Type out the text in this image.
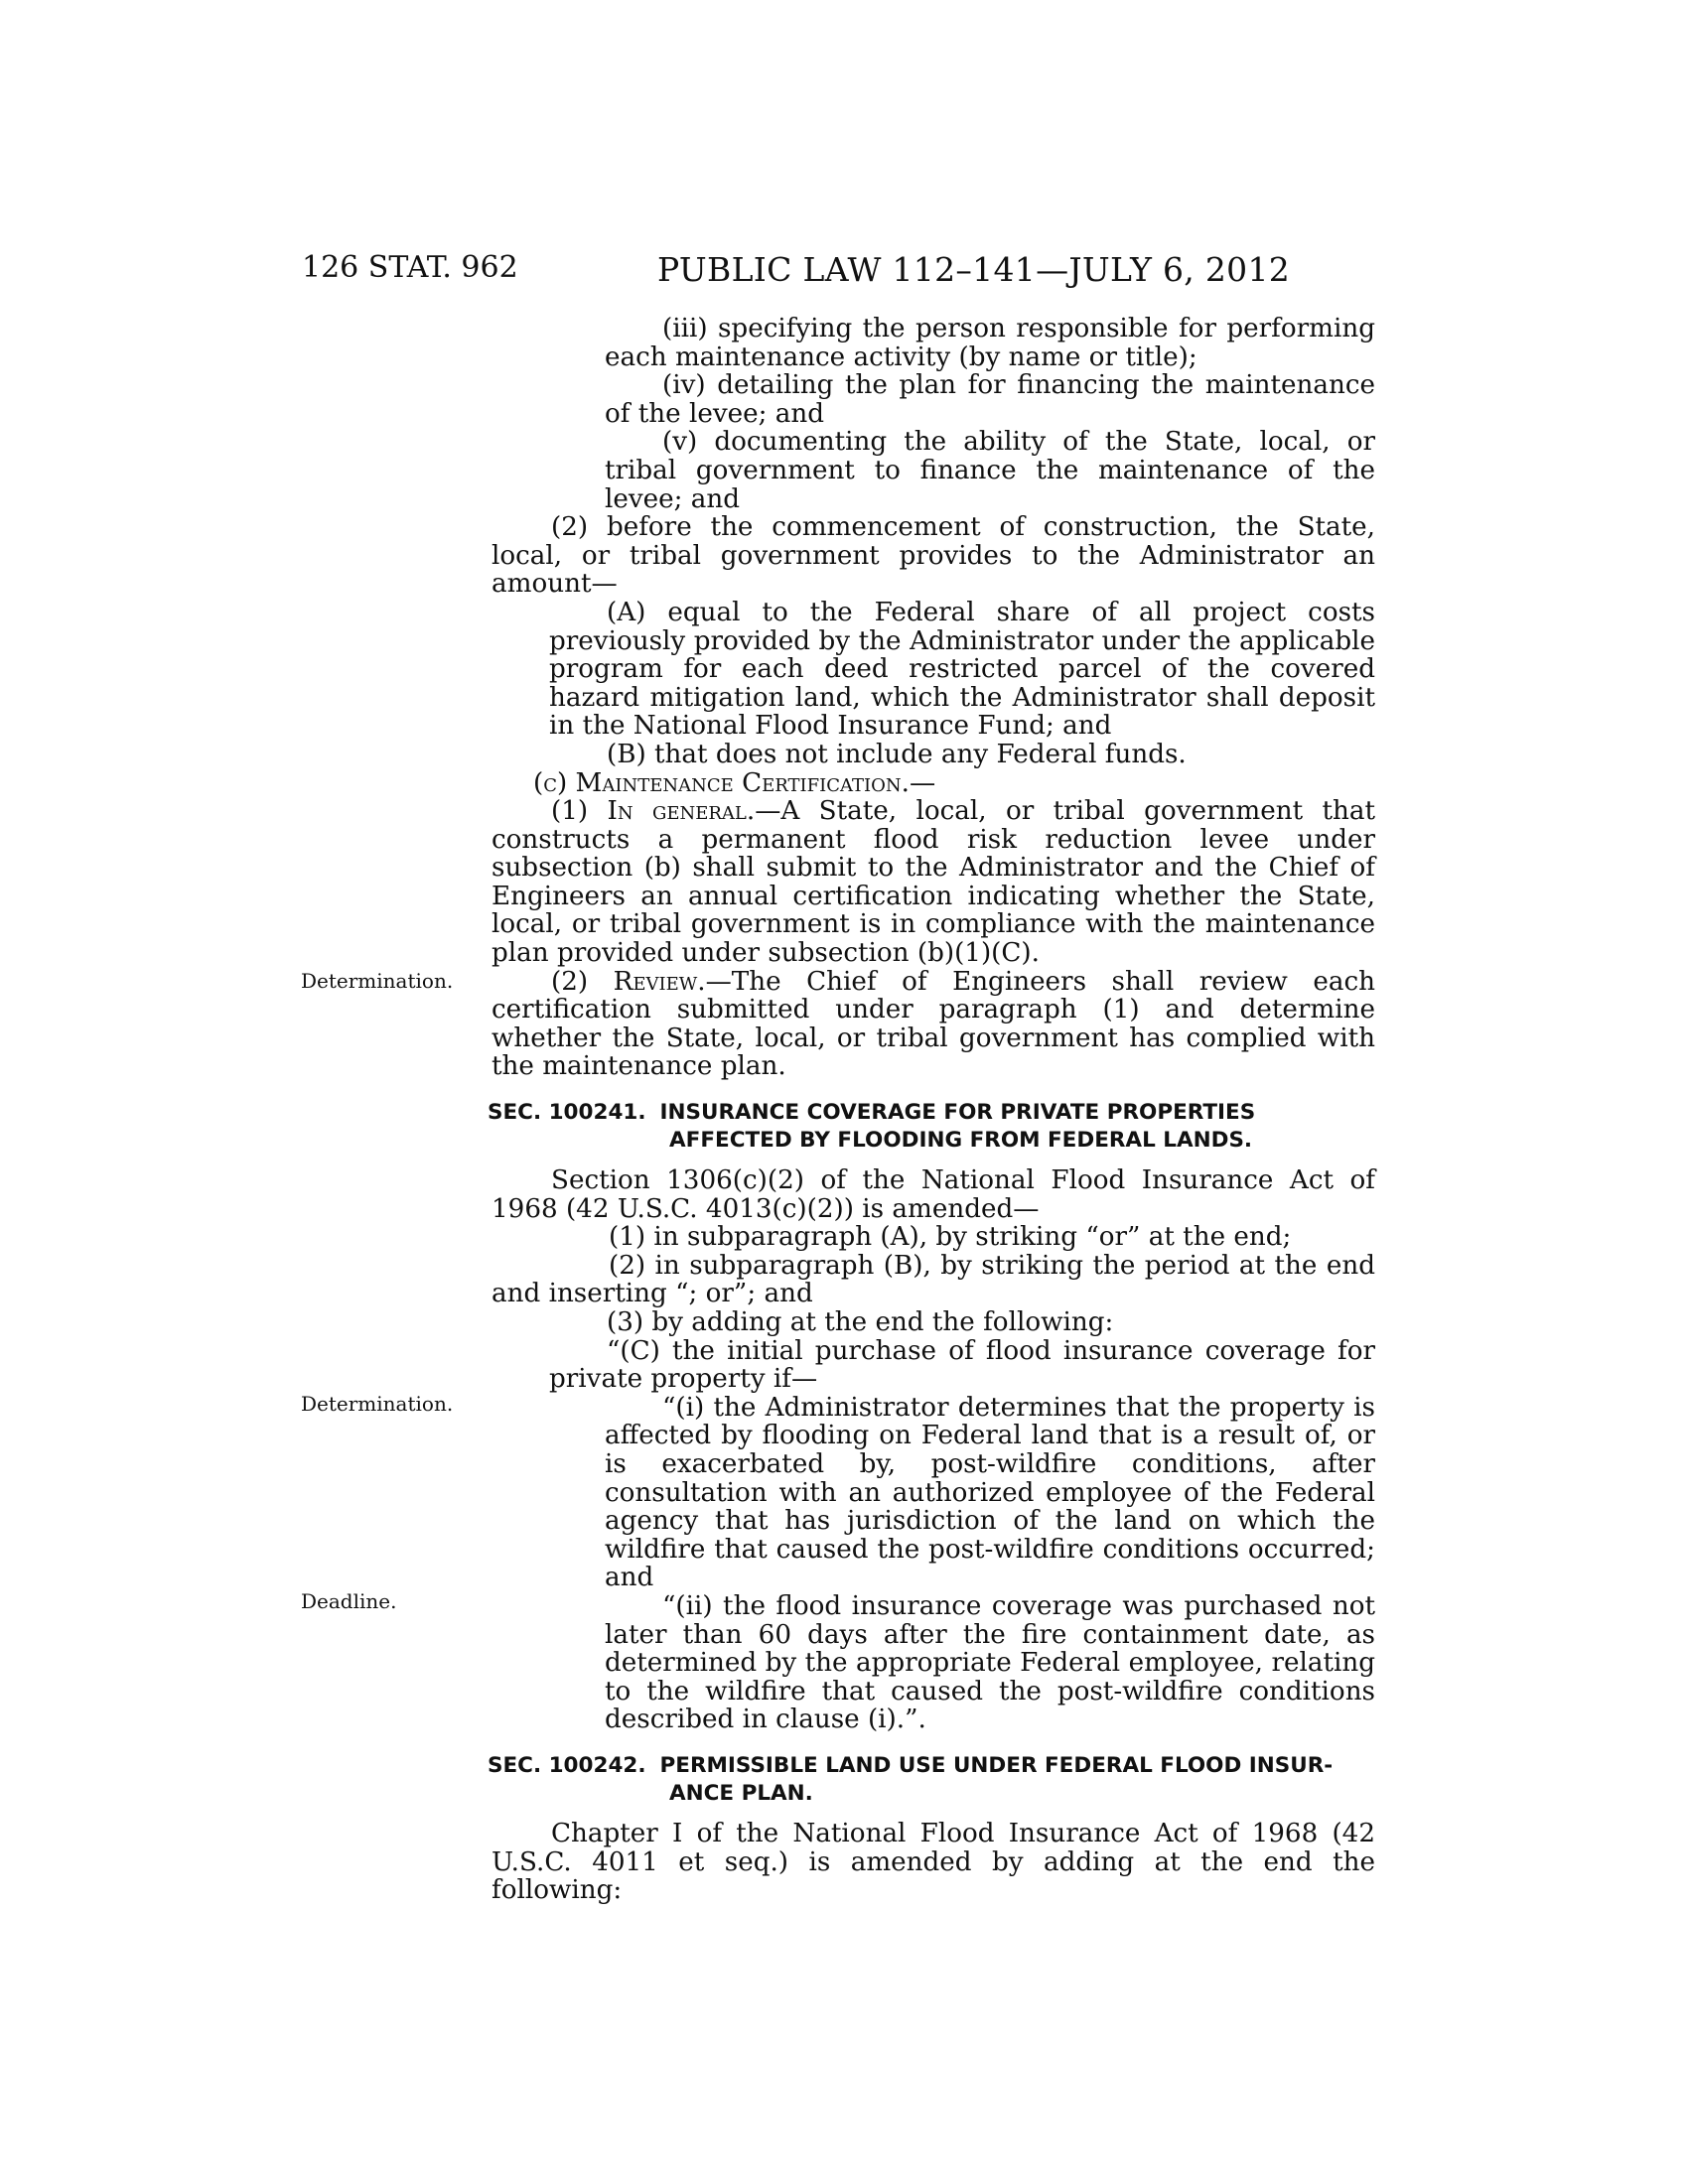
126 STAT. 962	PUBLIC LAW 112–141—JULY 6, 2012
Determination.
Determination.
Deadline.

(iii) specifying the person responsible for performing each maintenance activity (by name or title);

(iv) detailing the plan for financing the maintenance of the levee; and

(v) documenting the ability of the State, local, or tribal government to finance the maintenance of the levee; and

(2) before the commencement of construction, the State, local, or tribal government provides to the Administrator an amount—

(A) equal to the Federal share of all project costs previously provided by the Administrator under the applicable program for each deed restricted parcel of the covered hazard mitigation land, which the Administrator shall deposit in the National Flood Insurance Fund; and

(B) that does not include any Federal funds.

(c) Maintenance Certification.—

(1) In general.—A State, local, or tribal government that constructs a permanent flood risk reduction levee under subsection (b) shall submit to the Administrator and the Chief of Engineers an annual certification indicating whether the State, local, or tribal government is in compliance with the maintenance plan provided under subsection (b)(1)(C).

(2) Review.—The Chief of Engineers shall review each certification submitted under paragraph (1) and determine whether the State, local, or tribal government has complied with the maintenance plan.

SEC. 100241. INSURANCE COVERAGE FOR PRIVATE PROPERTIES
AFFECTED BY FLOODING FROM FEDERAL LANDS.

Section 1306(c)(2) of the National Flood Insurance Act of 1968 (42 U.S.C. 4013(c)(2)) is amended—

(1) in subparagraph (A), by striking “or” at the end;

(2) in subparagraph (B), by striking the period at the end and inserting “; or”; and

(3) by adding at the end the following:

“(C) the initial purchase of flood insurance coverage for private property if—

“(i) the Administrator determines that the property is affected by flooding on Federal land that is a result of, or is exacerbated by, post-wildfire conditions, after consultation with an authorized employee of the Federal agency that has jurisdiction of the land on which the wildfire that caused the post-wildfire conditions occurred; and

“(ii) the flood insurance coverage was purchased not later than 60 days after the fire containment date, as determined by the appropriate Federal employee, relating to the wildfire that caused the post-wildfire conditions described in clause (i).”.

SEC. 100242. PERMISSIBLE LAND USE UNDER FEDERAL FLOOD INSUR-
ANCE PLAN.

Chapter I of the National Flood Insurance Act of 1968 (42 U.S.C. 4011 et seq.) is amended by adding at the end the following:
